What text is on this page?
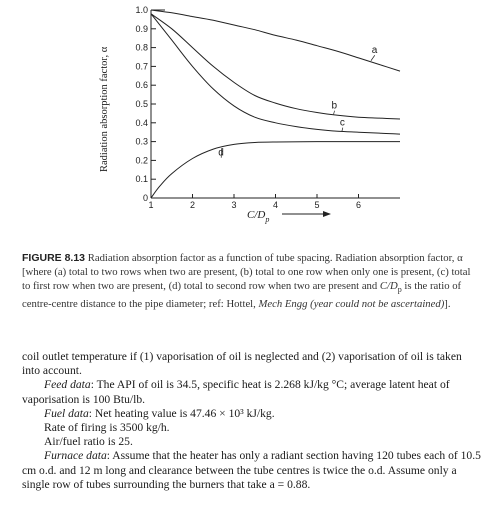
0
0.1
0.2
0.3
0.4
0.5
0.6
0.7
0.8
0.9
1.0
1	2	3	4	5	6
a
b
c
d
Radiation absorption factor, α
$C/D_p$
FIGURE 8.13 Radiation absorption factor as a function of tube spacing. Radiation absorption factor, α [where (a) total to two rows when two are present, (b) total to one row when only one is present, (c) total to first row when two are present, (d) total to second row when two are present and $C/D_p$ is the ratio of centre-centre distance to the pipe diameter; ref: Hottel, Mech Engg (year could not be ascertained)].

coil outlet temperature if (1) vaporisation of oil is neglected and (2) vaporisation of oil is taken into account.

Feed data: The API of oil is 34.5, specific heat is 2.268 kJ/kg °C; average latent heat of vaporisation is 100 Btu/lb.

Fuel data: Net heating value is 47.46 × 10³ kJ/kg.

Rate of firing is 3500 kg/h.

Air/fuel ratio is 25.

Furnace data: Assume that the heater has only a radiant section having 120 tubes each of 10.5 cm o.d. and 12 m long and clearance between the tube centres is twice the o.d. Assume only a single row of tubes surrounding the burners that take a = 0.88.
